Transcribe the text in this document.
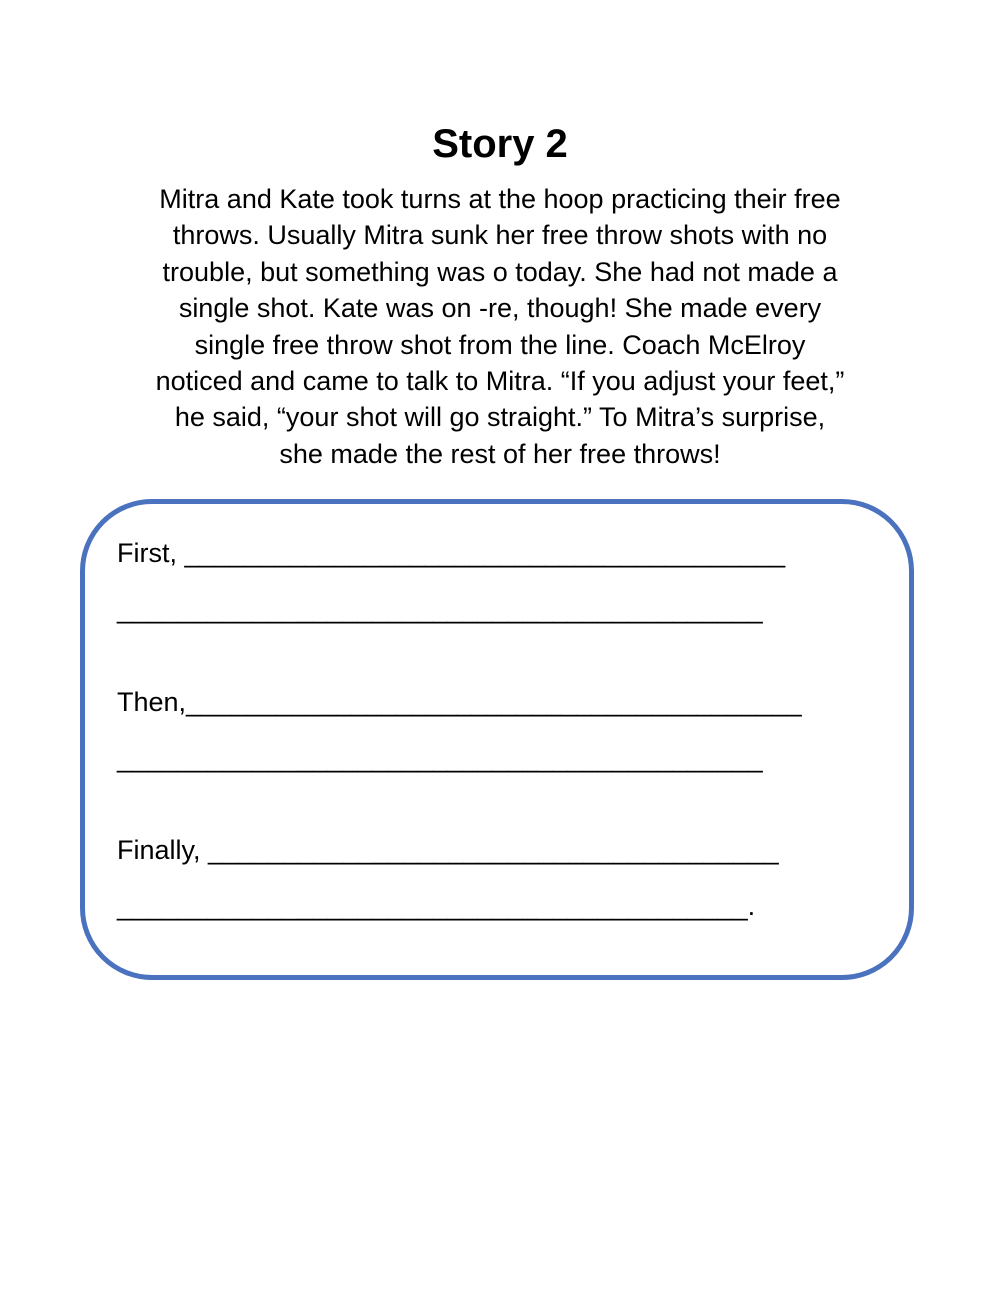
Story 2
Mitra and Kate took turns at the hoop practicing their free
throws. Usually Mitra sunk her free throw shots with no
trouble, but something was o today. She had not made a
single shot. Kate was on -re, though! She made every
single free throw shot from the line. Coach McElroy
noticed and came to talk to Mitra. “If you adjust your feet,”
he said, “your shot will go straight.” To Mitra’s surprise,
she made the rest of her free throws!
First, ________________________________________
___________________________________________
Then,_________________________________________
___________________________________________
Finally, ______________________________________
__________________________________________.
